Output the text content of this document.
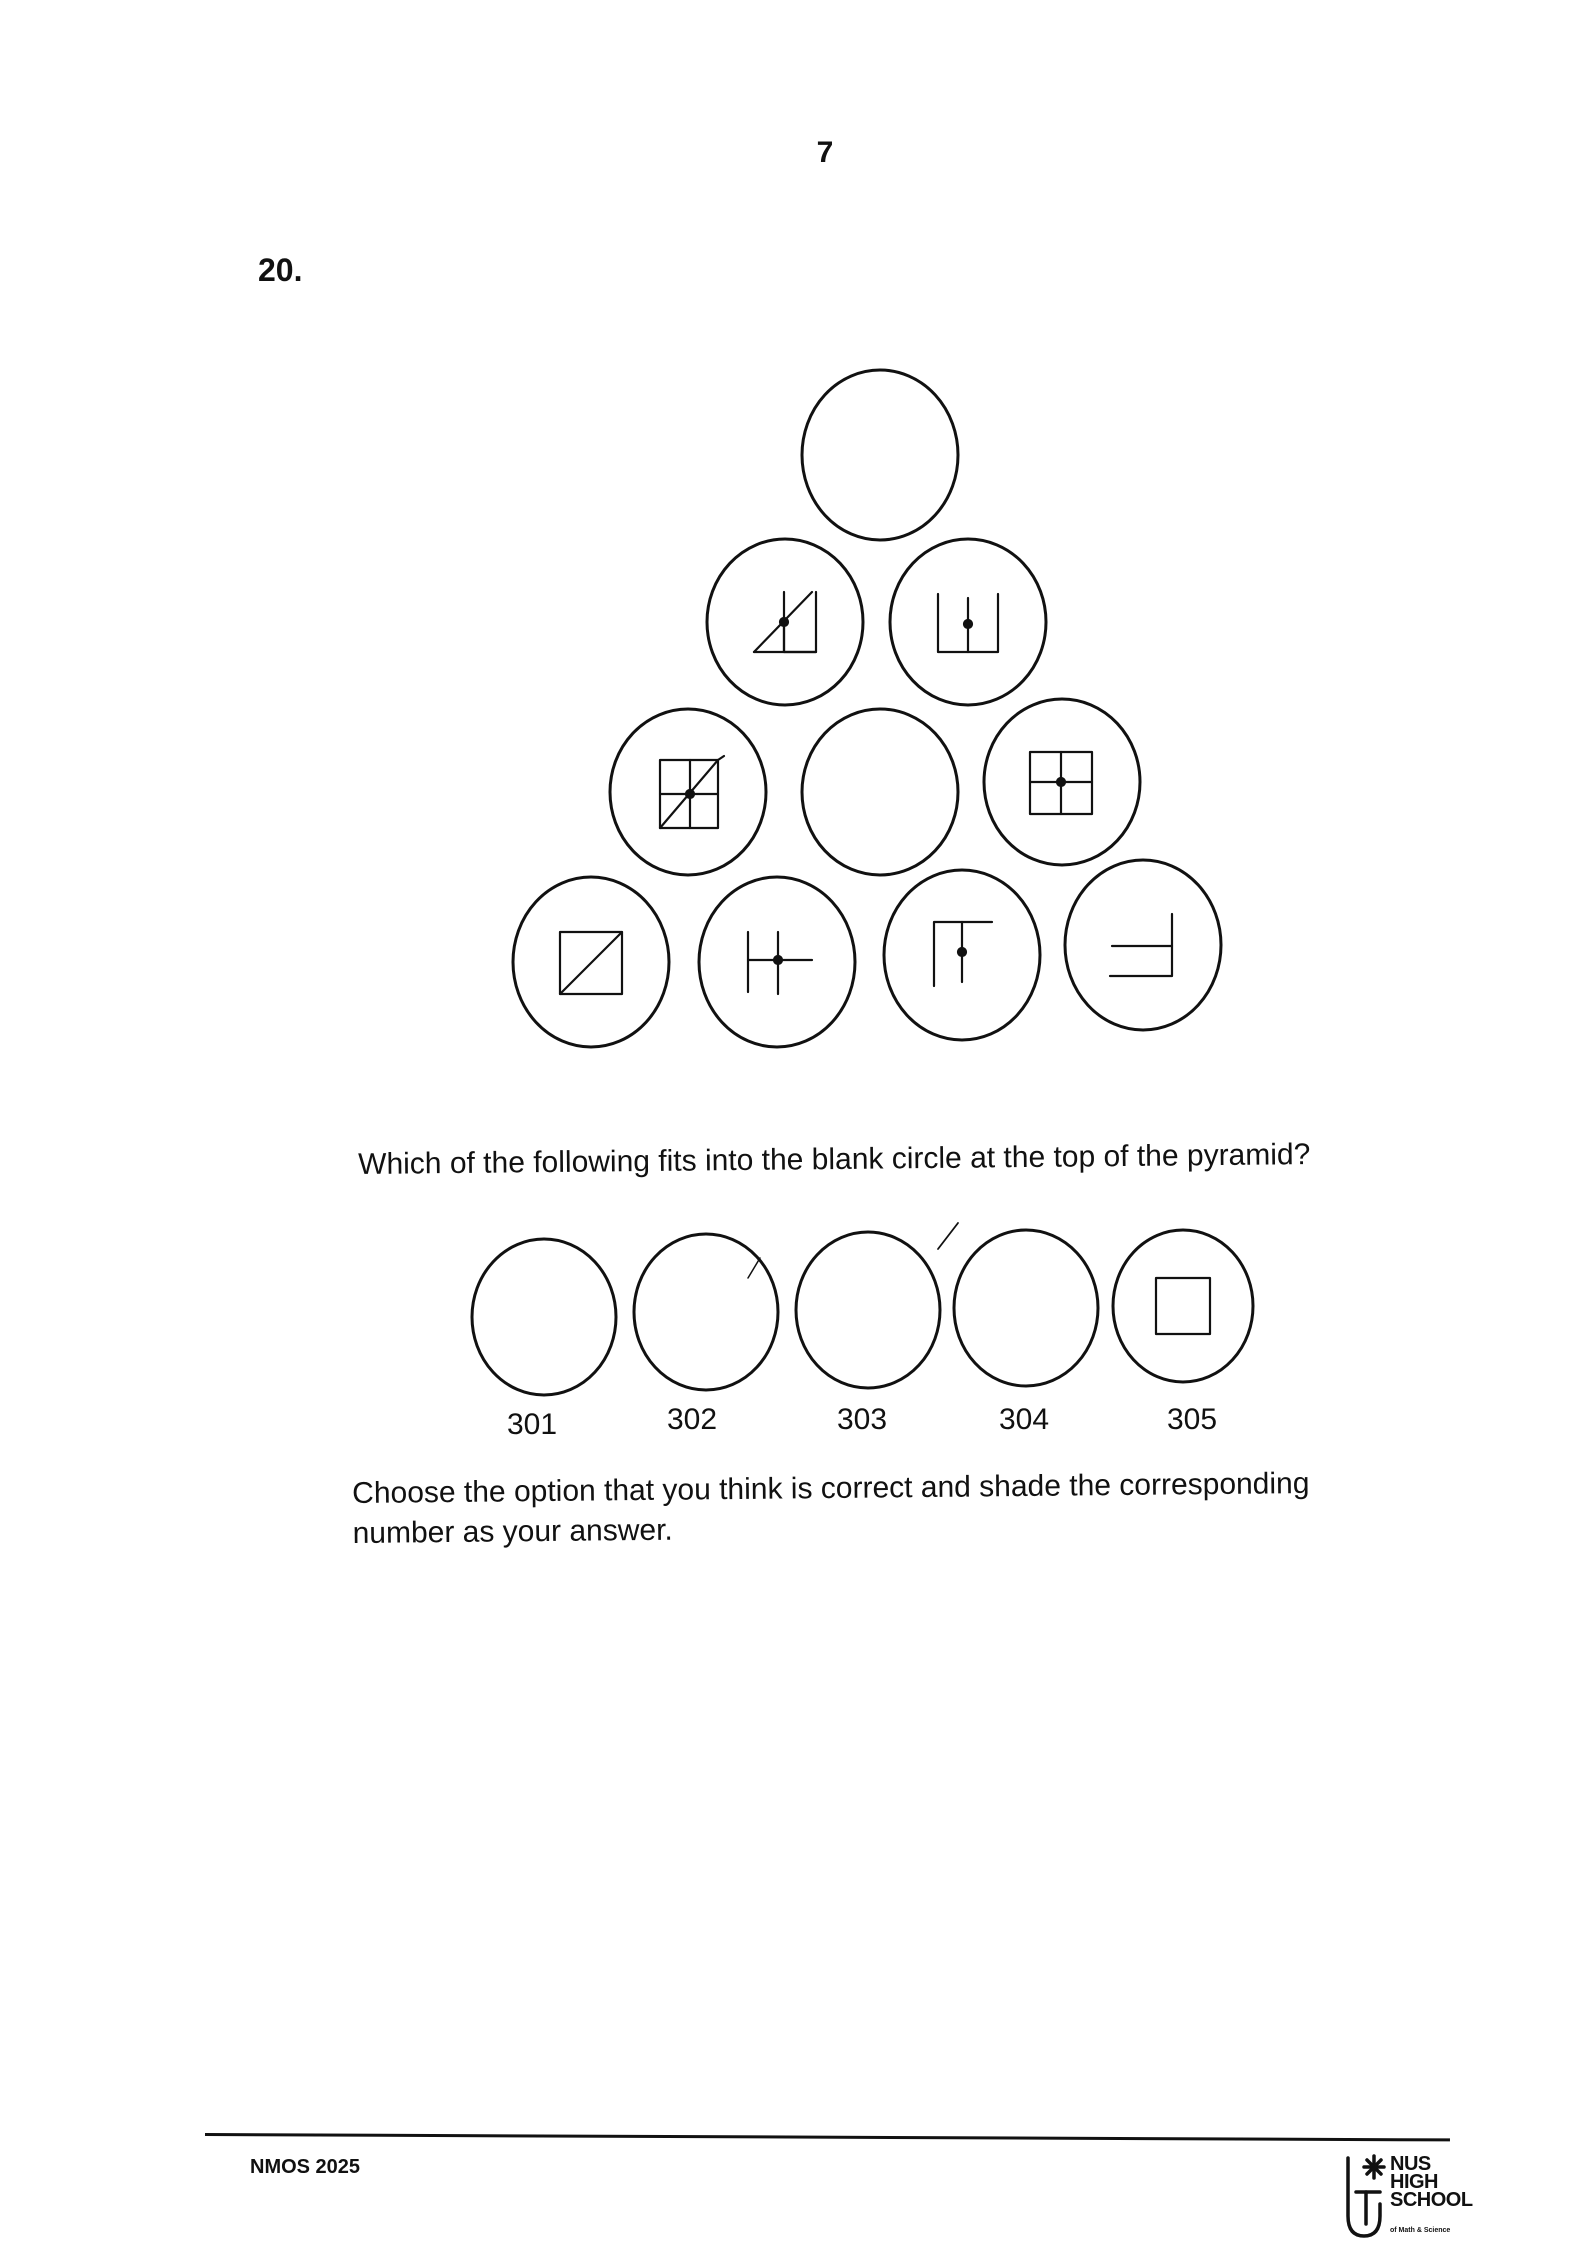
7
20.
Which of the following fits into the blank circle at the top of the pyramid?
301	302	303	304	305
Choose the option that you think is correct and shade the corresponding
number as your answer.
NMOS 2025	NUS
HIGH
SCHOOL
of Math & Science
